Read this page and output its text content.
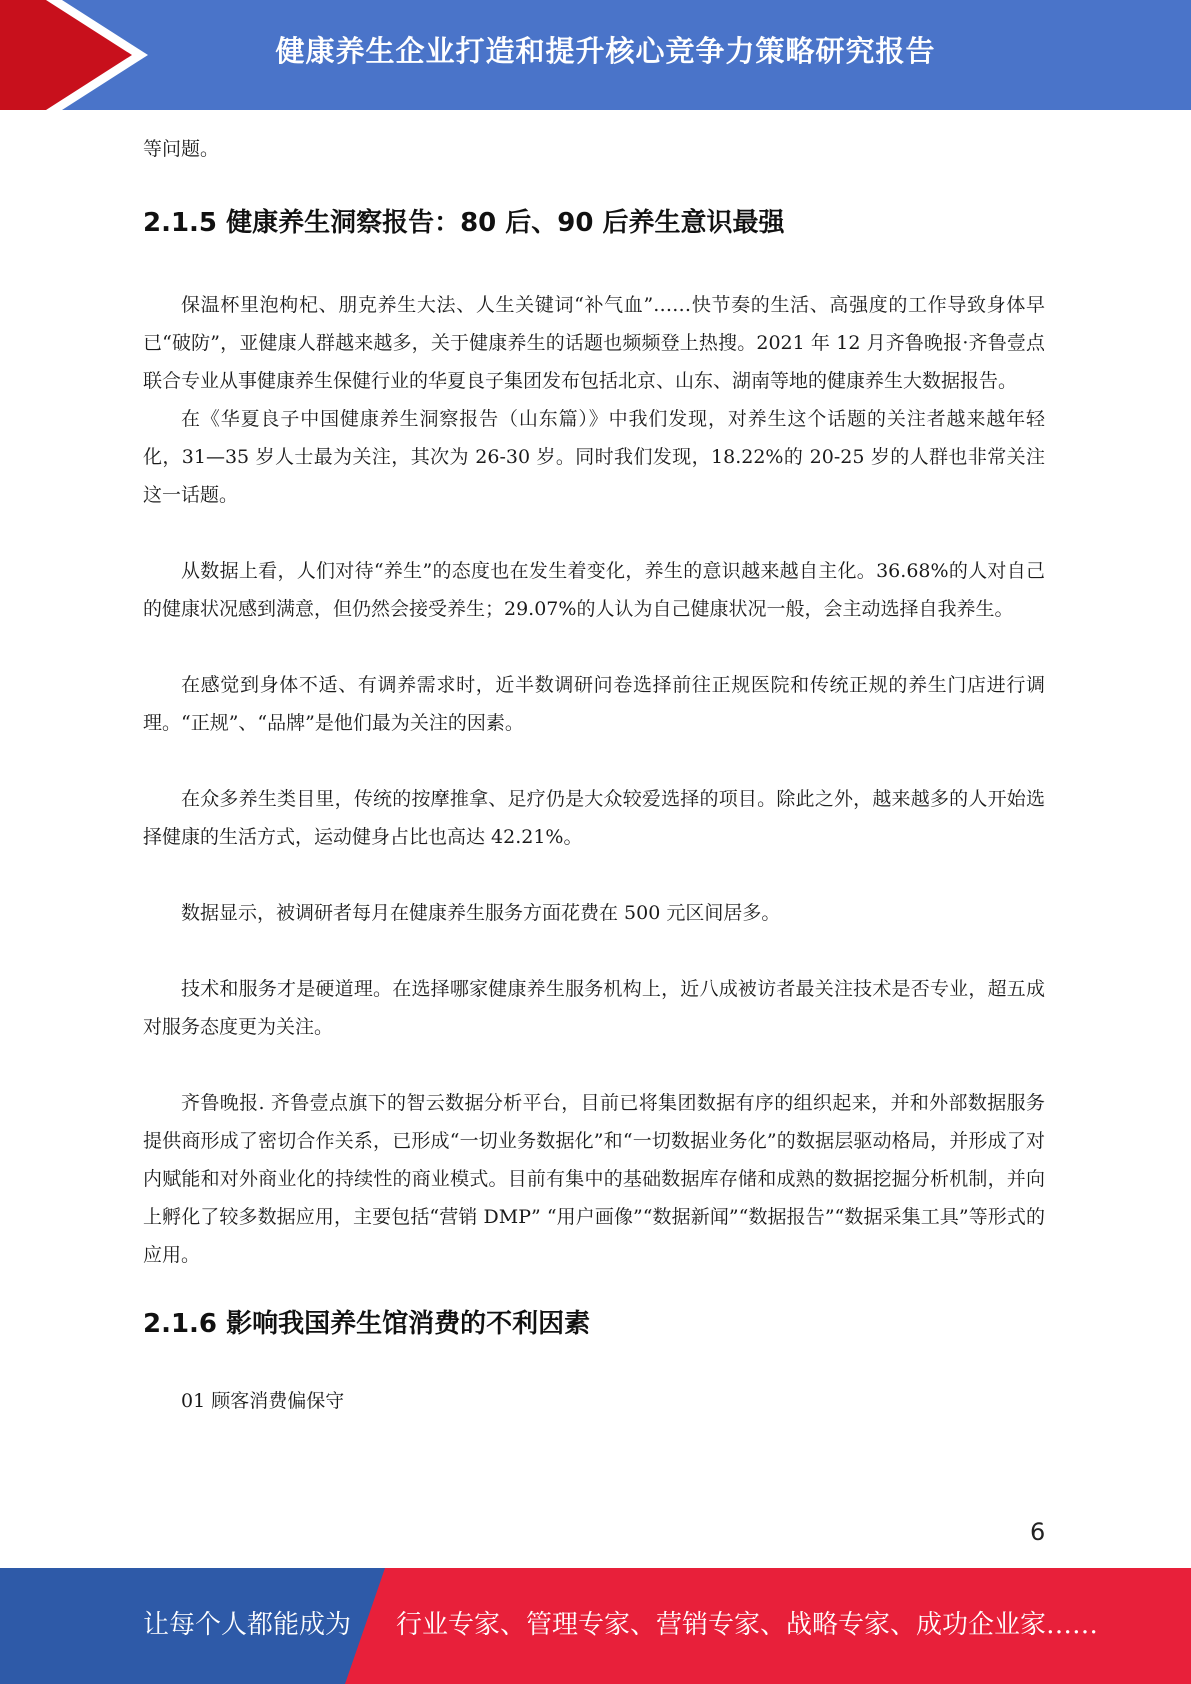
健康养生企业打造和提升核心竞争力策略研究报告

等问题。

2.1.5 健康养生洞察报告：80 后、90 后养生意识最强

保温杯里泡枸杞、朋克养生大法、人生关键词“补气血”……快节奏的生活、高强度的工作导致身体早已“破防”，亚健康人群越来越多，关于健康养生的话题也频频登上热搜。2021 年 12 月齐鲁晚报·齐鲁壹点联合专业从事健康养生保健行业的华夏良子集团发布包括北京、山东、湖南等地的健康养生大数据报告。

在《华夏良子中国健康养生洞察报告（山东篇）》中我们发现，对养生这个话题的关注者越来越年轻化，31—35 岁人士最为关注，其次为 26-30 岁。同时我们发现，18.22%的 20-25 岁的人群也非常关注这一话题。

从数据上看，人们对待“养生”的态度也在发生着变化，养生的意识越来越自主化。36.68%的人对自己的健康状况感到满意，但仍然会接受养生；29.07%的人认为自己健康状况一般，会主动选择自我养生。

在感觉到身体不适、有调养需求时，近半数调研问卷选择前往正规医院和传统正规的养生门店进行调理。“正规”、“品牌”是他们最为关注的因素。

在众多养生类目里，传统的按摩推拿、足疗仍是大众较爱选择的项目。除此之外，越来越多的人开始选择健康的生活方式，运动健身占比也高达 42.21%。

数据显示，被调研者每月在健康养生服务方面花费在 500 元区间居多。

技术和服务才是硬道理。在选择哪家健康养生服务机构上，近八成被访者最关注技术是否专业，超五成对服务态度更为关注。

齐鲁晚报. 齐鲁壹点旗下的智云数据分析平台，目前已将集团数据有序的组织起来，并和外部数据服务提供商形成了密切合作关系，已形成“一切业务数据化”和“一切数据业务化”的数据层驱动格局，并形成了对内赋能和对外商业化的持续性的商业模式。目前有集中的基础数据库存储和成熟的数据挖掘分析机制，并向上孵化了较多数据应用，主要包括“营销 DMP” “用户画像”“数据新闻”“数据报告”“数据采集工具”等形式的应用。

2.1.6 影响我国养生馆消费的不利因素

01 顾客消费偏保守

6
让每个人都能成为 行业专家、管理专家、营销专家、战略专家、成功企业家……
